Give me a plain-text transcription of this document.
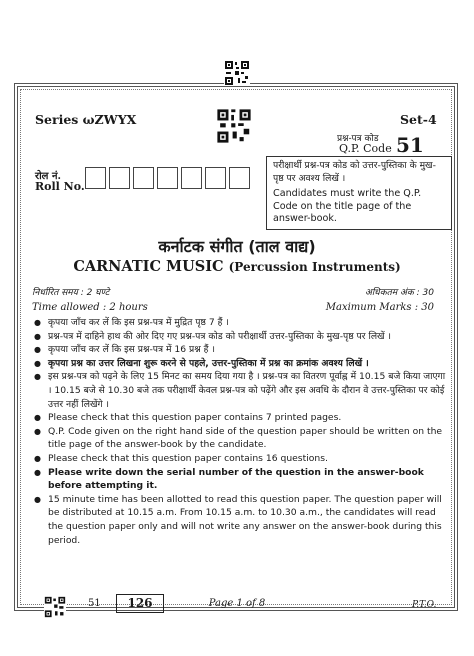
Series ωZWYX	Set-4
प्रश्न-पत्र कोड
Q.P. Code 51
रोल नं.
Roll No.
परीक्षार्थी प्रश्न-पत्र कोड को उत्तर-पुस्तिका के मुख-पृष्ठ पर अवश्य लिखें ।
Candidates must write the Q.P. Code on the title page of the answer-book.
कर्नाटक संगीत (ताल वाद्य)
CARNATIC MUSIC (Percussion Instruments)
निर्धारित समय : 2 घण्टे	अधिकतम अंक : 30
Time allowed : 2 hours	Maximum Marks : 30
● कृपया जाँच कर लें कि इस प्रश्न-पत्र में मुद्रित पृष्ठ 7 हैं ।
● प्रश्न-पत्र में दाहिने हाथ की ओर दिए गए प्रश्न-पत्र कोड को परीक्षार्थी उत्तर-पुस्तिका के मुख-पृष्ठ पर लिखें ।
● कृपया जाँच कर लें कि इस प्रश्न-पत्र में 16 प्रश्न हैं ।
● कृपया प्रश्न का उत्तर लिखना शुरू करने से पहले, उत्तर-पुस्तिका में प्रश्न का क्रमांक अवश्य लिखें ।
● इस प्रश्न-पत्र को पढ़ने के लिए 15 मिनट का समय दिया गया है । प्रश्न-पत्र का वितरण पूर्वाह्न में 10.15 बजे किया जाएगा । 10.15 बजे से 10.30 बजे तक परीक्षार्थी केवल प्रश्न-पत्र को पढ़ेंगे और इस अवधि के दौरान वे उत्तर-पुस्तिका पर कोई उत्तर नहीं लिखेंगे ।
● Please check that this question paper contains 7 printed pages.
● Q.P. Code given on the right hand side of the question paper should be written on the title page of the answer-book by the candidate.
● Please check that this question paper contains 16 questions.
● Please write down the serial number of the question in the answer-book before attempting it.
● 15 minute time has been allotted to read this question paper. The question paper will be distributed at 10.15 a.m. From 10.15 a.m. to 10.30 a.m., the candidates will read the question paper only and will not write any answer on the answer-book during this period.
51	126	Page 1 of 8	P.T.O.
